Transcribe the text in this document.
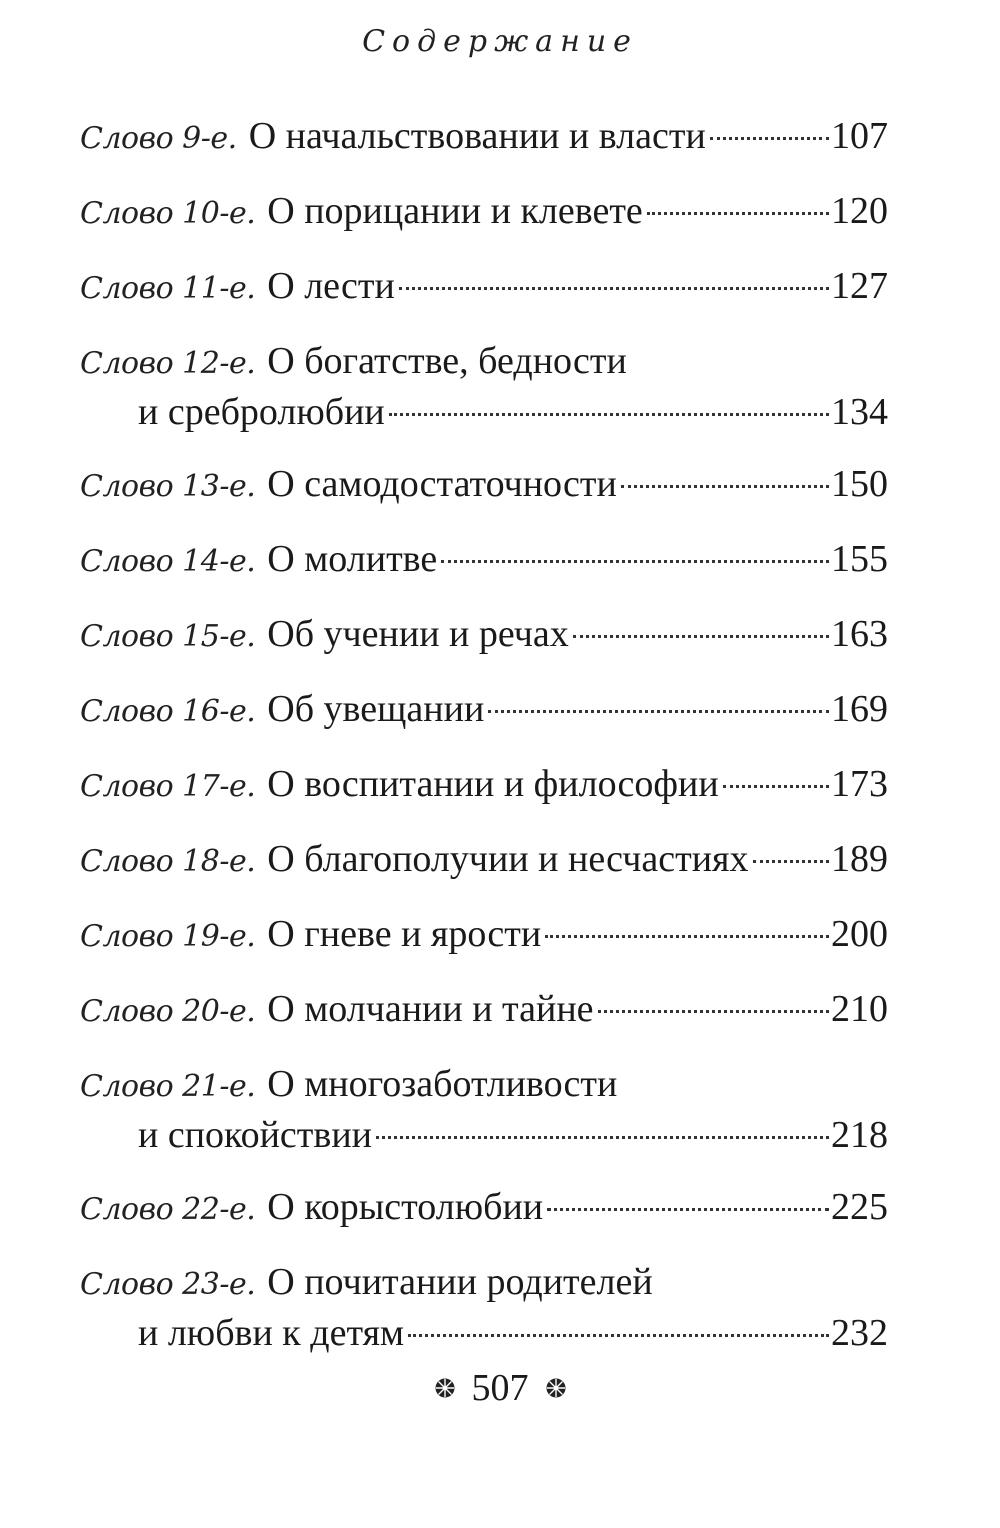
Содержание
Слово 9-е. О начальствовании и власти	107
Слово 10-е. О порицании и клевете	120
Слово 11-е. О лести	127
Слово 12-е. О богатстве, бедности
и сребролюбии	134
Слово 13-е. О самодостаточности	150
Слово 14-е. О молитве	155
Слово 15-е. Об учении и речах	163
Слово 16-е. Об увещании	169
Слово 17-е. О воспитании и философии	173
Слово 18-е. О благополучии и несчастиях 189
Слово 19-е. О гневе и ярости	200
Слово 20-е. О молчании и тайне	210
Слово 21-е. О многозаботливости
и спокойствии	218
Слово 22-е. О корыстолюбии	225
Слово 23-е. О почитании родителей
и любви к детям	232
507
